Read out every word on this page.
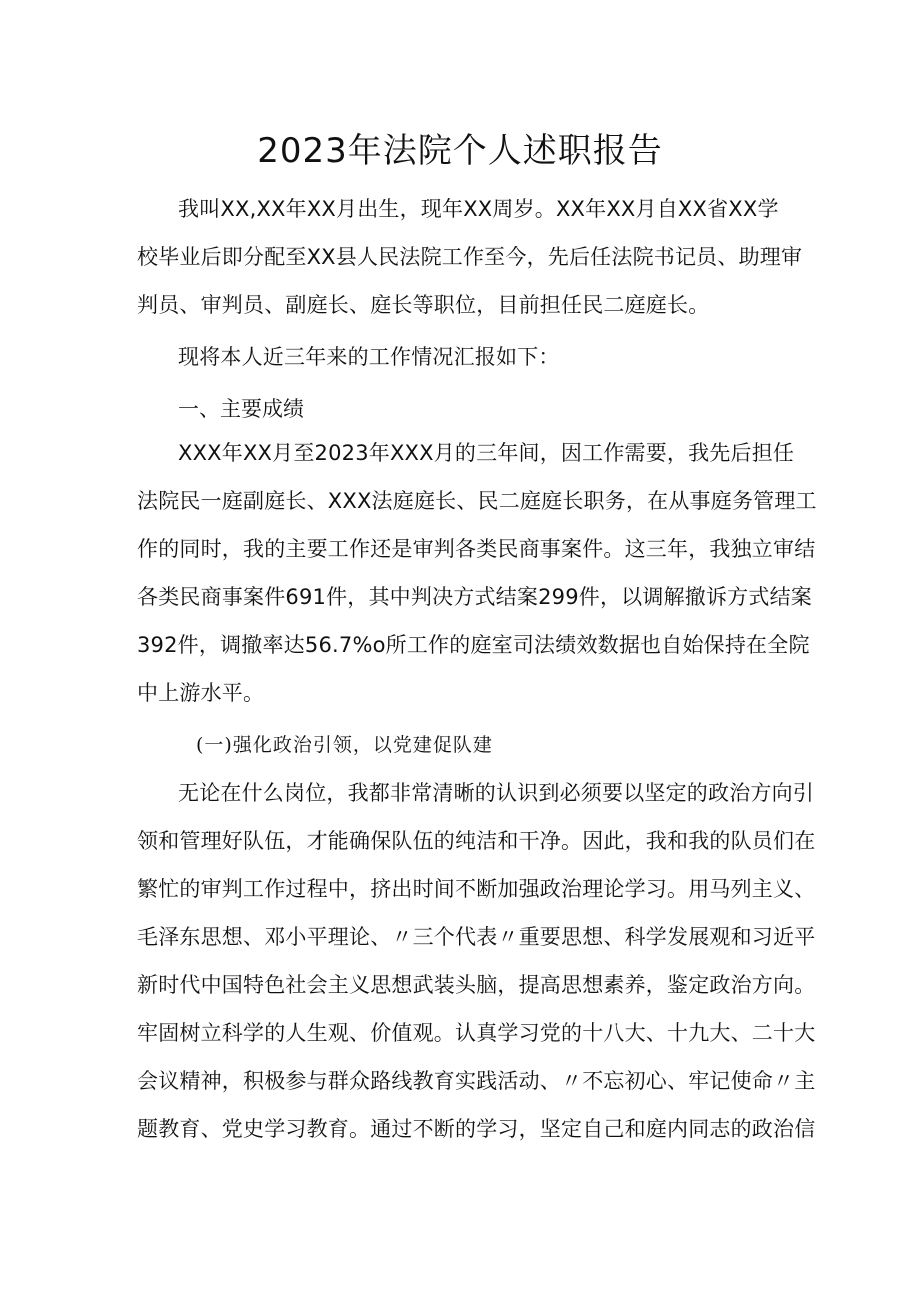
2023年法院个人述职报告
我叫XX,XX年XX月出生，现年XX周岁。XX年XX月自XX省XX学
校毕业后即分配至XX县人民法院工作至今，先后任法院书记员、助理审
判员、审判员、副庭长、庭长等职位，目前担任民二庭庭长。
现将本人近三年来的工作情况汇报如下：
一、主要成绩
XXX年XX月至2023年XXX月的三年间，因工作需要，我先后担任
法院民一庭副庭长、XXX法庭庭长、民二庭庭长职务，在从事庭务管理工
作的同时，我的主要工作还是审判各类民商事案件。这三年，我独立审结
各类民商事案件691件，其中判决方式结案299件，以调解撤诉方式结案
392件，调撤率达56.7%o所工作的庭室司法绩效数据也自始保持在全院
中上游水平。
(一)强化政治引领，以党建促队建
无论在什么岗位，我都非常清晰的认识到必须要以坚定的政治方向引
领和管理好队伍，才能确保队伍的纯洁和干净。因此，我和我的队员们在
繁忙的审判工作过程中，挤出时间不断加强政治理论学习。用马列主义、
毛泽东思想、邓小平理论、〃三个代表〃重要思想、科学发展观和习近平
新时代中国特色社会主义思想武装头脑，提高思想素养，鉴定政治方向。
牢固树立科学的人生观、价值观。认真学习党的十八大、十九大、二十大
会议精神，积极参与群众路线教育实践活动、〃不忘初心、牢记使命〃主
题教育、党史学习教育。通过不断的学习，坚定自己和庭内同志的政治信
